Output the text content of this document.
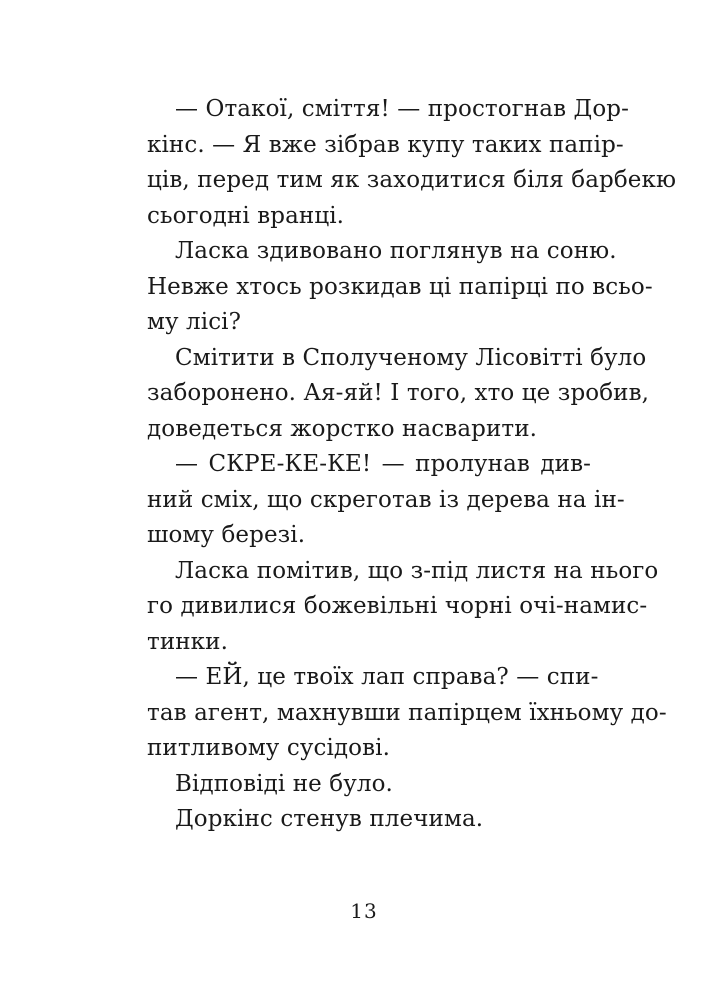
— Отакої, сміття! — простогнав Дор-
кінс. — Я вже зібрав купу таких папір-
ців, перед тим як заходитися біля барбекю
сьогодні вранці.
Ласка здивовано поглянув на соню.
Невже хтось розкидав ці папірці по всьо-
му лісі?
Смітити в Сполученому Лісовітті було
заборонено. Ая-яй! І того, хто це зробив,
доведеться жорстко насварити.
— СКРЕ-КЕ-КЕ! — пролунав див-
ний сміх, що скреготав із дерева на ін-
шому березі.
Ласка помітив, що з-під листя на нього
го дивилися божевільні чорні очі-намис-
тинки.
— ЕЙ, це твоїх лап справа? — спи-
тав агент, махнувши папірцем їхньому до-
питливому сусідові.
Відповіді не було.
Доркінс стенув плечима.
13
